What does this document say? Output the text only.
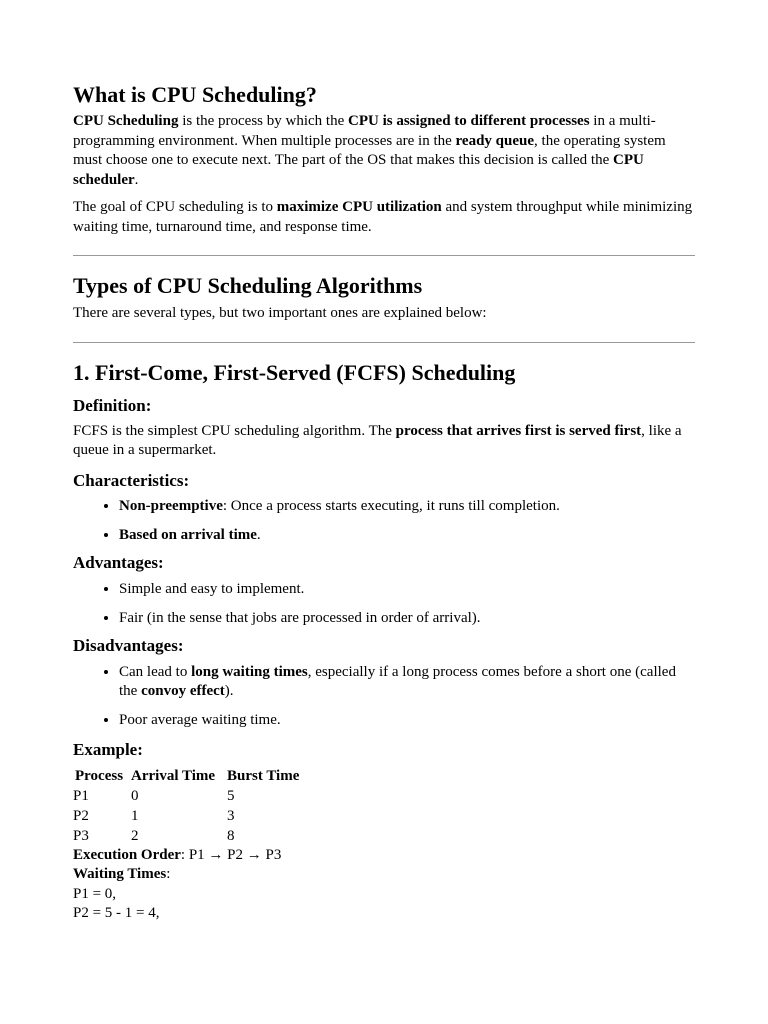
What is CPU Scheduling?

CPU Scheduling is the process by which the CPU is assigned to different processes in a multi-programming environment. When multiple processes are in the ready queue, the operating system must choose one to execute next. The part of the OS that makes this decision is called the CPU scheduler.

The goal of CPU scheduling is to maximize CPU utilization and system throughput while minimizing waiting time, turnaround time, and response time.

Types of CPU Scheduling Algorithms

There are several types, but two important ones are explained below:

1. First-Come, First-Served (FCFS) Scheduling
Definition:

FCFS is the simplest CPU scheduling algorithm. The process that arrives first is served first, like a queue in a supermarket.

Characteristics:
• Non-preemptive: Once a process starts executing, it runs till completion.
• Based on arrival time.
Advantages:
• Simple and easy to implement.
• Fair (in the sense that jobs are processed in order of arrival).
Disadvantages:
• Can lead to long waiting times, especially if a long process comes before a short one (called the convoy effect).
• Poor average waiting time.
Example:
Process	Arrival Time	Burst Time
P1	0	5
P2	1	3
P3	2	8
Execution Order: P1 → P2 → P3
Waiting Times:
P1 = 0,
P2 = 5 - 1 = 4,
